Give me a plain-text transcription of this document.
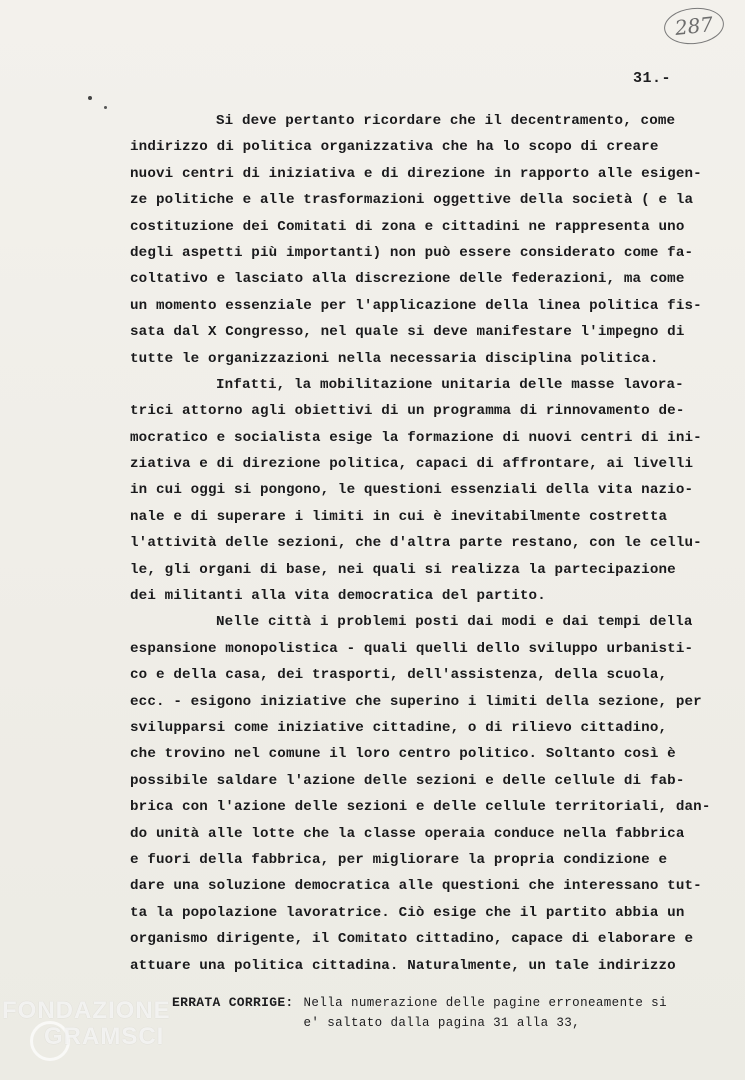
287
31.-
Si deve pertanto ricordare che il decentramento, come
indirizzo di politica organizzativa che ha lo scopo di creare
nuovi centri di iniziativa e di direzione in rapporto alle esigen-
ze politiche e alle trasformazioni oggettive della società ( e la
costituzione dei Comitati di zona e cittadini ne rappresenta uno
degli aspetti più importanti) non può essere considerato come fa-
coltativo e lasciato alla discrezione delle federazioni, ma come
un momento essenziale per l'applicazione della linea politica fis-
sata dal X Congresso, nel quale si deve manifestare l'impegno di
tutte le organizzazioni nella necessaria disciplina politica.
Infatti, la mobilitazione unitaria delle masse lavora-
trici attorno agli obiettivi di un programma di rinnovamento de-
mocratico e socialista esige la formazione di nuovi centri di ini-
ziativa e di direzione politica, capaci di affrontare, ai livelli
in cui oggi si pongono, le questioni essenziali della vita nazio-
nale e di superare i limiti in cui è inevitabilmente costretta
l'attività delle sezioni, che d'altra parte restano, con le cellu-
le, gli organi di base, nei quali si realizza la partecipazione
dei militanti alla vita democratica del partito.
Nelle città i problemi posti dai modi e dai tempi della
espansione monopolistica - quali quelli dello sviluppo urbanisti-
co e della casa, dei trasporti, dell'assistenza, della scuola,
ecc. - esigono iniziative che superino i limiti della sezione, per
svilupparsi come iniziative cittadine, o di rilievo cittadino,
che trovino nel comune il loro centro politico. Soltanto così è
possibile saldare l'azione delle sezioni e delle cellule di fab-
brica con l'azione delle sezioni e delle cellule territoriali, dan-
do unità alle lotte che la classe operaia conduce nella fabbrica
e fuori della fabbrica, per migliorare la propria condizione e
dare una soluzione democratica alle questioni che interessano tut-
ta la popolazione lavoratrice. Ciò esige che il partito abbia un
organismo dirigente, il Comitato cittadino, capace di elaborare e
attuare una politica cittadina. Naturalmente, un tale indirizzo
ERRATA CORRIGE: Nella numerazione delle pagine erroneamente si
e' saltato dalla pagina 31 alla 33,
FONDAZIONE
GRAMSCI
